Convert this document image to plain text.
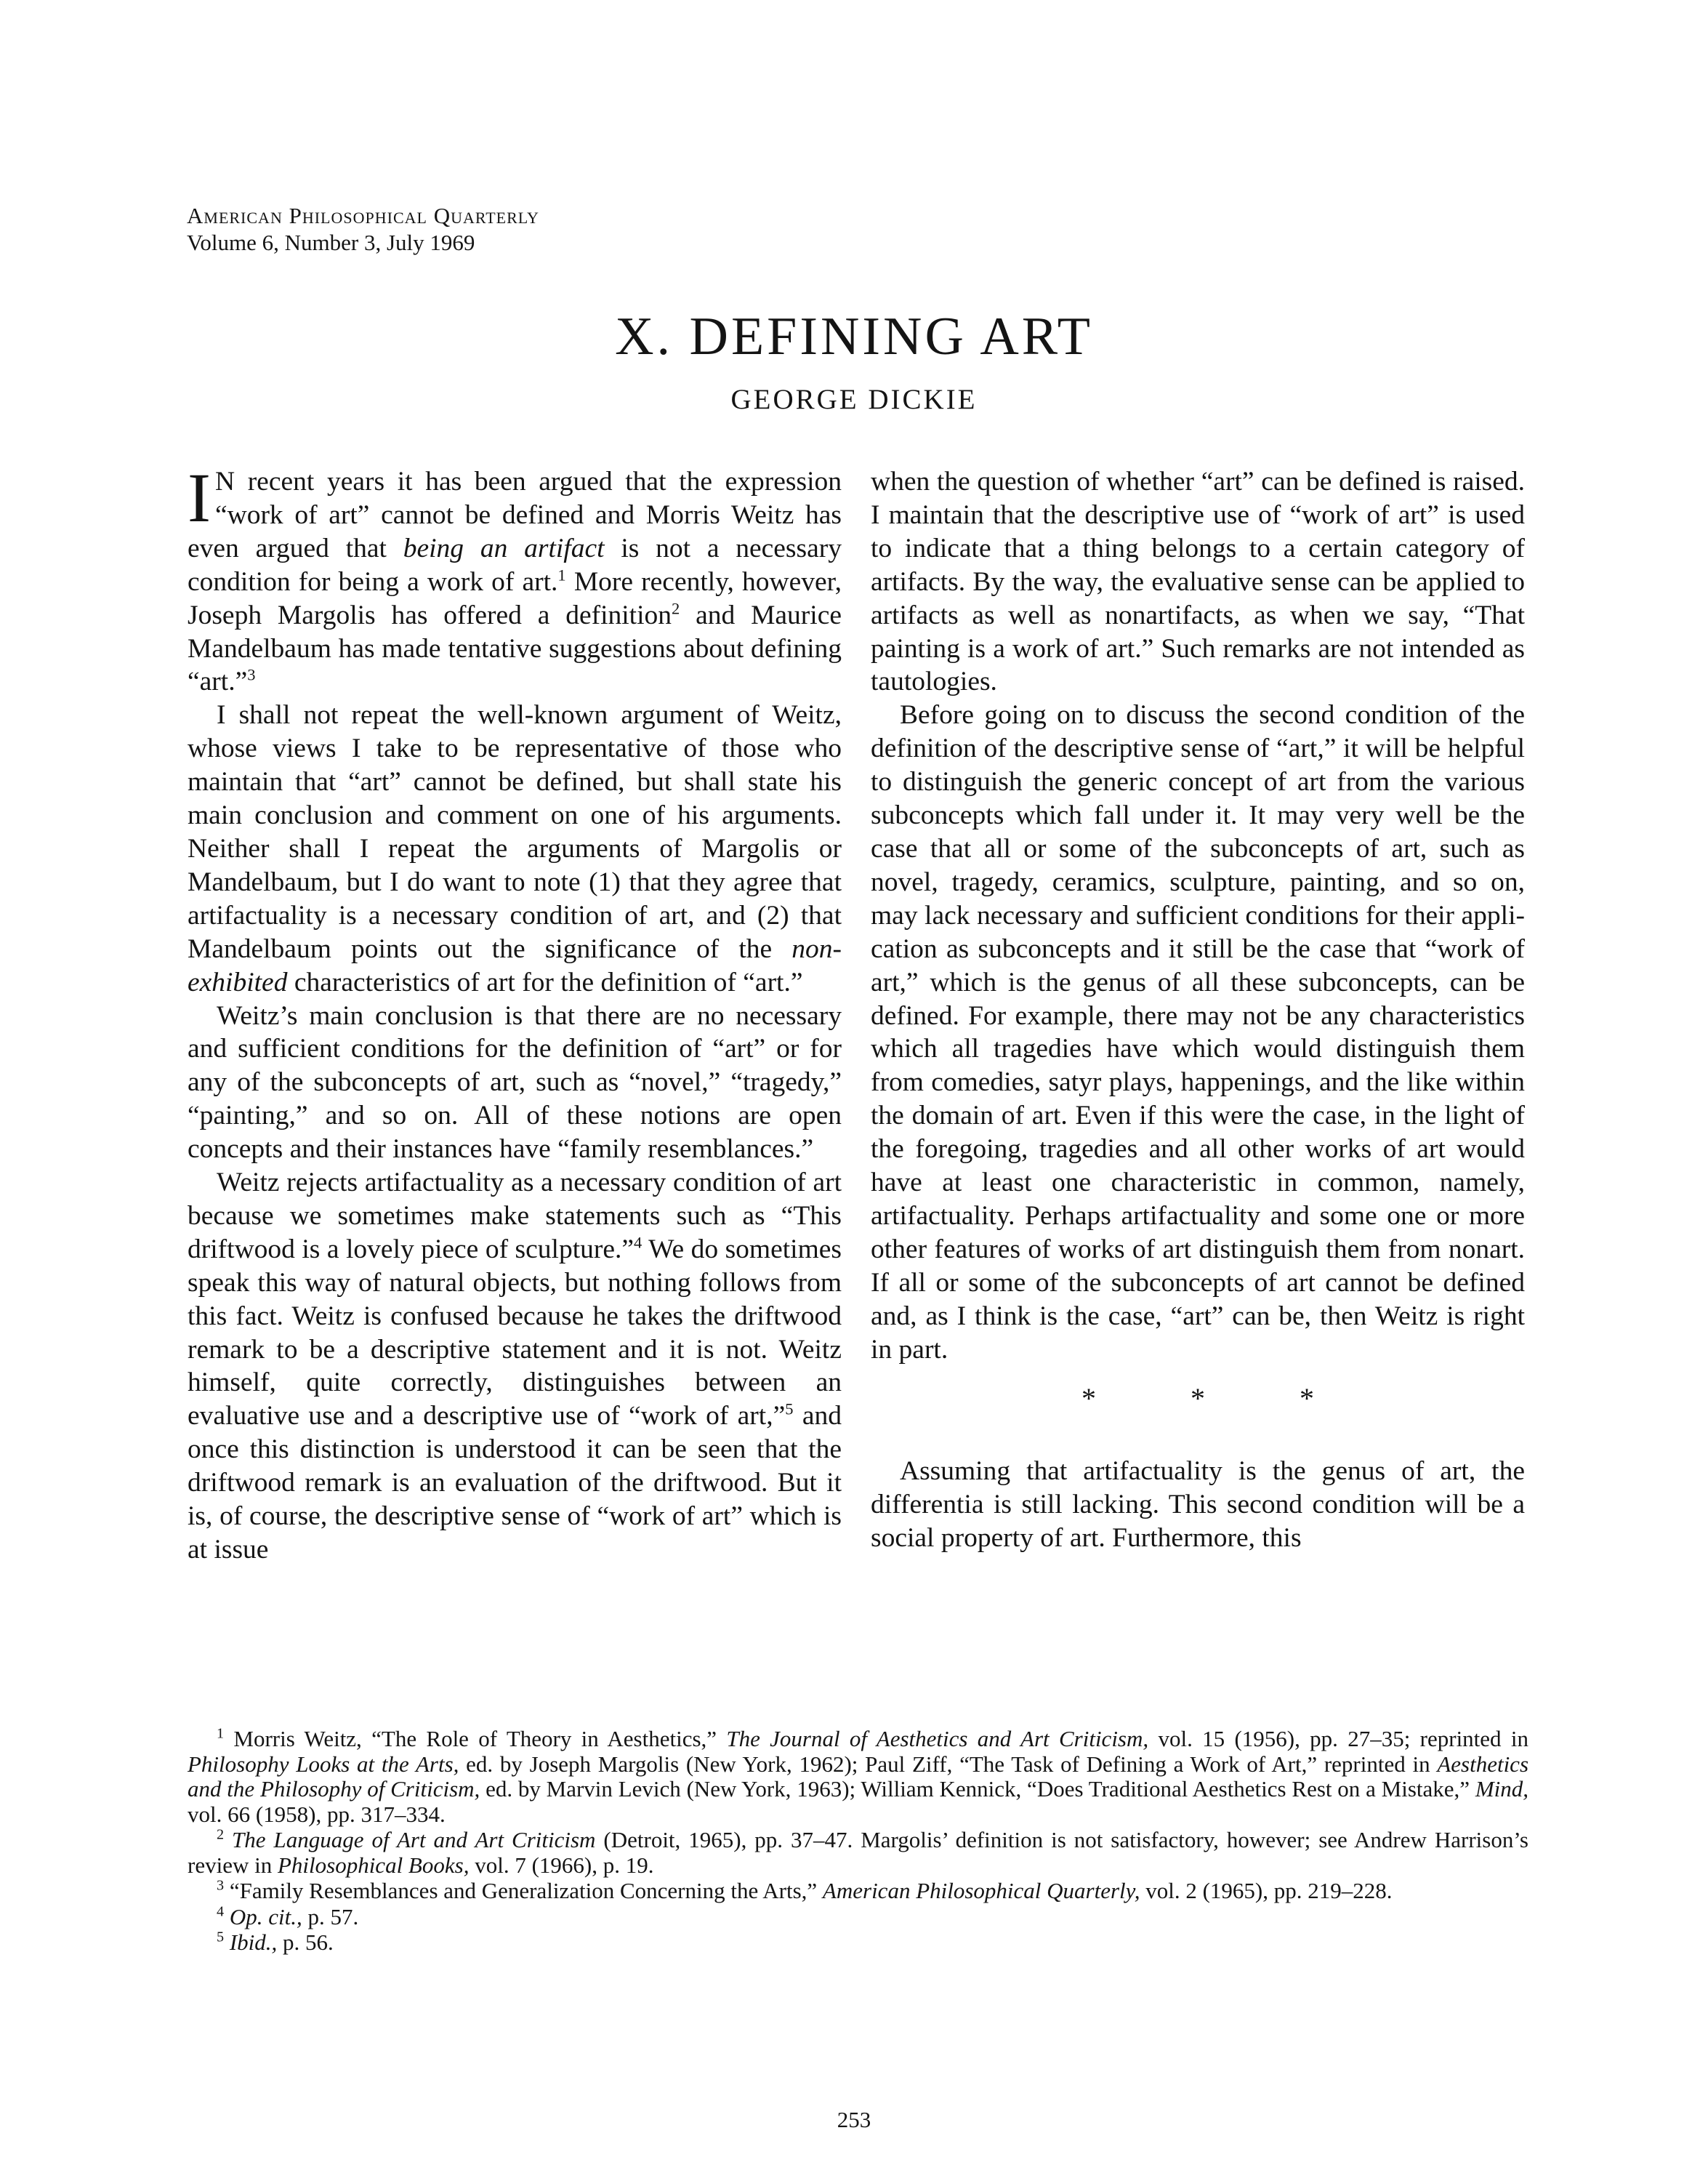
American Philosophical Quarterly
Volume 6, Number 3, July 1969
X. DEFINING ART
GEORGE DICKIE

I N recent years it has been argued that the expression “work of art” cannot be defined and Morris Weitz has even argued that being an artifact is not a necessary condition for being a work of art.$^1$ More recently, however, Joseph Margolis has offered a definition$^2$ and Maurice Mandelbaum has made tentative suggestions about defining “art.”$^3$

I shall not repeat the well-known argument of Weitz, whose views I take to be representative of those who maintain that “art” cannot be defined, but shall state his main conclusion and comment on one of his arguments. Neither shall I repeat the arguments of Margolis or Mandelbaum, but I do want to note (1) that they agree that artifactuality is a necessary condition of art, and (2) that Mandelbaum points out the significance of the nonexhibited characteristics of art for the definition of “art.”

Weitz’s main conclusion is that there are no necessary and sufficient conditions for the definition of “art” or for any of the subconcepts of art, such as “novel,” “tragedy,” “painting,” and so on. All of these notions are open concepts and their instances have “family resemblances.”

Weitz rejects artifactuality as a necessary condition of art because we sometimes make statements such as “This driftwood is a lovely piece of sculpture.”$^4$ We do sometimes speak this way of natural objects, but nothing follows from this fact. Weitz is confused because he takes the driftwood remark to be a descriptive statement and it is not. Weitz himself, quite correctly, distinguishes between an evaluative use and a descriptive use of “work of art,”$^5$ and once this distinction is understood it can be seen that the driftwood remark is an evaluation of the driftwood. But it is, of course, the descriptive sense of “work of art” which is at issue

when the question of whether “art” can be defined is raised. I maintain that the descriptive use of “work of art” is used to indicate that a thing belongs to a certain category of artifacts. By the way, the evaluative sense can be applied to artifacts as well as nonartifacts, as when we say, “That painting is a work of art.” Such remarks are not intended as tautologies.

Before going on to discuss the second condition of the definition of the descriptive sense of “art,” it will be helpful to distinguish the generic concept of art from the various subconcepts which fall under it. It may very well be the case that all or some of the subconcepts of art, such as novel, tragedy, ceramics, sculpture, painting, and so on, may lack necessary and sufficient conditions for their application as subconcepts and it still be the case that “work of art,” which is the genus of all these subconcepts, can be defined. For example, there may not be any characteristics which all tragedies have which would distinguish them from comedies, satyr plays, happenings, and the like within the domain of art. Even if this were the case, in the light of the foregoing, tragedies and all other works of art would have at least one characteristic in common, namely, artifactuality. Perhaps artifactuality and some one or more other features of works of art distinguish them from nonart. If all or some of the subconcepts of art cannot be defined and, as I think is the case, “art” can be, then Weitz is right in part.

* * *

Assuming that artifactuality is the genus of art, the differentia is still lacking. This second condition will be a social property of art. Furthermore, this

$^1$ Morris Weitz, “The Role of Theory in Aesthetics,” The Journal of Aesthetics and Art Criticism, vol. 15 (1956), pp. 27–35; reprinted in Philosophy Looks at the Arts, ed. by Joseph Margolis (New York, 1962); Paul Ziff, “The Task of Defining a Work of Art,” reprinted in Aesthetics and the Philosophy of Criticism, ed. by Marvin Levich (New York, 1963); William Kennick, “Does Traditional Aesthetics Rest on a Mistake,” Mind, vol. 66 (1958), pp. 317–334.
$^2$ The Language of Art and Art Criticism (Detroit, 1965), pp. 37–47. Margolis’ definition is not satisfactory, however; see Andrew Harrison’s review in Philosophical Books, vol. 7 (1966), p. 19.
$^3$ “Family Resemblances and Generalization Concerning the Arts,” American Philosophical Quarterly, vol. 2 (1965), pp. 219–228.
$^4$ Op. cit., p. 57.
$^5$ Ibid., p. 56.
253
